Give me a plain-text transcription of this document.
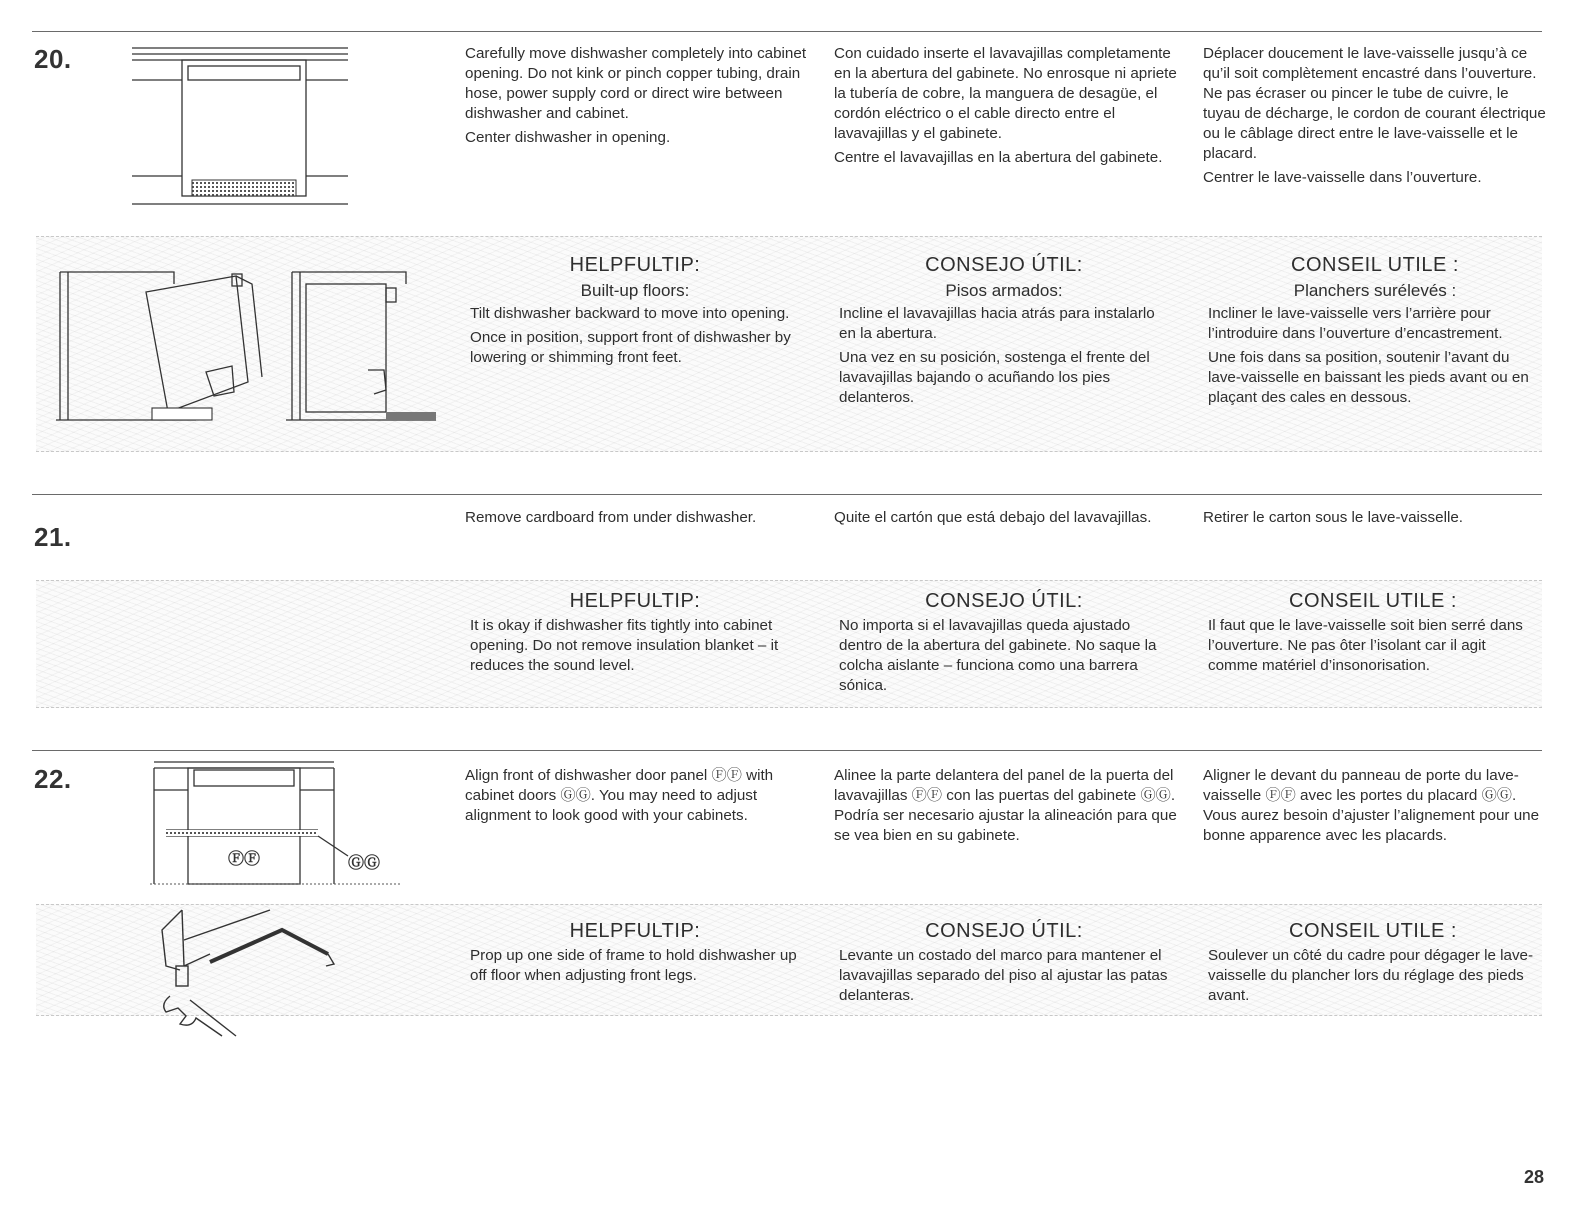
20.	Carefully move dishwasher completely into cabinet opening. Do not kink or pinch copper tubing, drain hose, power supply cord or direct wire between dishwasher and cabinet.

Center dishwasher in opening.

Con cuidado inserte el lavavajillas completamente en la abertura del gabinete. No enrosque ni apriete la tubería de cobre, la manguera de desagüe, el cordón eléctrico o el cable directo entre el lavavajillas y el gabinete.

Centre el lavavajillas en la abertura del gabinete.

Déplacer doucement le lave-vaisselle jusqu’à ce qu’il soit complètement encastré dans l’ouverture. Ne pas écraser ou pincer le tube de cuivre, le tuyau de décharge, le cordon de courant électrique ou le câblage direct entre le lave-vaisselle et le placard.

Centrer le lave-vaisselle dans l’ouverture.

HELPFULTIP:
Built-up floors:

Tilt dishwasher backward to move into opening.

Once in position, support front of dishwasher by lowering or shimming front feet.

CONSEJO ÚTIL:
Pisos armados:

Incline el lavavajillas hacia atrás para instalarlo en la abertura.

Una vez en su posición, sostenga el frente del lavavajillas bajando o acuñando los pies delanteros.

CONSEIL UTILE :
Planchers surélevés :

Incliner le lave-vaisselle vers l’arrière pour l’introduire dans l’ouverture d’encastrement.

Une fois dans sa position, soutenir l’avant du lave-vaisselle en baissant les pieds avant ou en plaçant des cales en dessous.

21.

Remove cardboard from under dishwasher.	Quite el cartón que está debajo del lavavajillas.	Retirer le carton sous le lave-vaisselle.

HELPFULTIP:

It is okay if dishwasher fits tightly into cabinet opening. Do not remove insulation blanket – it reduces the sound level.

CONSEJO ÚTIL:

No importa si el lavavajillas queda ajustado dentro de la abertura del gabinete. No saque la colcha aislante – funciona como una barrera sónica.

CONSEIL UTILE :

Il faut que le lave-vaisselle soit bien serré dans l’ouverture. Ne pas ôter l’isolant car il agit comme matériel d’insonorisation.

22.
ⒻⒻ	ⒼⒼ

Align front of dishwasher door panel ⒻⒻ with cabinet doors ⒼⒼ. You may need to adjust alignment to look good with your cabinets.

Alinee la parte delantera del panel de la puerta del lavavajillas ⒻⒻ con las puertas del gabinete ⒼⒼ. Podría ser necesario ajustar la alineación para que se vea bien en su gabinete.

Aligner le devant du panneau de porte du lave-vaisselle ⒻⒻ avec les portes du placard ⒼⒼ. Vous aurez besoin d’ajuster l’alignement pour une bonne apparence avec les placards.

HELPFULTIP:

Prop up one side of frame to hold dishwasher up off floor when adjusting front legs.

CONSEJO ÚTIL:

Levante un costado del marco para mantener el lavavajillas separado del piso al ajustar las patas delanteras.

CONSEIL UTILE :

Soulever un côté du cadre pour dégager le lave-vaisselle du plancher lors du réglage des pieds avant.

28
